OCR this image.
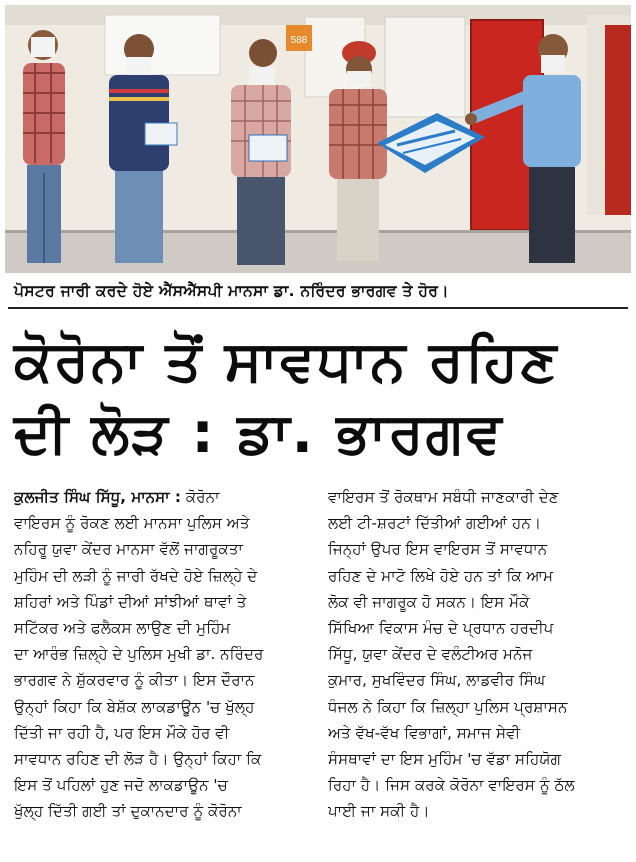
588
ਪੋਸਟਰ ਜਾਰੀ ਕਰਦੇ ਹੋਏ ਐੱਸਐੱਸਪੀ ਮਾਨਸਾ ਡਾ. ਨਰਿੰਦਰ ਭਾਰਗਵ ਤੇ ਹੋਰ।
ਕੋਰੋਨਾ ਤੋਂ ਸਾਵਧਾਨ ਰਹਿਣ
ਦੀ ਲੋੜ : ਡਾ. ਭਾਰਗਵ
ਕੁਲਜੀਤ ਸਿੰਘ ਸਿੱਧੂ, ਮਾਨਸਾ : ਕੋਰੋਨਾ
ਵਾਇਰਸ ਨੂੰ ਰੋਕਣ ਲਈ ਮਾਨਸਾ ਪੁਲਿਸ ਅਤੇ
ਨਹਿਰੂ ਯੁਵਾ ਕੇਂਦਰ ਮਾਨਸਾ ਵੱਲੋਂ ਜਾਗਰੂਕਤਾ
ਮੁਹਿੰਮ ਦੀ ਲੜੀ ਨੂੰ ਜਾਰੀ ਰੱਖਦੇ ਹੋਏ ਜ਼ਿਲ੍ਹੇ ਦੇ
ਸ਼ਹਿਰਾਂ ਅਤੇ ਪਿੰਡਾਂ ਦੀਆਂ ਸਾਂਝੀਆਂ ਥਾਵਾਂ ਤੇ
ਸਟਿੱਕਰ ਅਤੇ ਫਲੈਕਸ ਲਾਉਣ ਦੀ ਮੁਹਿੰਮ
ਦਾ ਆਰੰਭ ਜ਼ਿਲ੍ਹੇ ਦੇ ਪੁਲਿਸ ਮੁਖੀ ਡਾ. ਨਰਿੰਦਰ
ਭਾਰਗਵ ਨੇ ਸ਼ੁੱਕਰਵਾਰ ਨੂੰ ਕੀਤਾ। ਇਸ ਦੌਰਾਨ
ਉਨ੍ਹਾਂ ਕਿਹਾ ਕਿ ਬੇਸ਼ੱਕ ਲਾਕਡਾਊਨ 'ਚ ਖੁੱਲ੍ਹ
ਦਿੱਤੀ ਜਾ ਰਹੀ ਹੈ, ਪਰ ਇਸ ਮੌਕੇ ਹੋਰ ਵੀ
ਸਾਵਧਾਨ ਰਹਿਣ ਦੀ ਲੋੜ ਹੈ। ਉਨ੍ਹਾਂ ਕਿਹਾ ਕਿ
ਇਸ ਤੋਂ ਪਹਿਲਾਂ ਹੁਣ ਜਦੋ ਲਾਕਡਾਊਨ 'ਚ
ਖੁੱਲ੍ਹ ਦਿੱਤੀ ਗਈ ਤਾਂ ਦੁਕਾਨਦਾਰ ਨੂੰ ਕੋਰੋਨਾ
ਵਾਇਰਸ ਤੋਂ ਰੋਕਥਾਮ ਸਬੰਧੀ ਜਾਣਕਾਰੀ ਦੇਣ
ਲਈ ਟੀ-ਸ਼ਰਟਾਂ ਦਿੱਤੀਆਂ ਗਈਆਂ ਹਨ।
ਜਿਨ੍ਹਾਂ ਉਪਰ ਇਸ ਵਾਇਰਸ ਤੋਂ ਸਾਵਧਾਨ
ਰਹਿਣ ਦੇ ਮਾਟੋ ਲਿਖੇ ਹੋਏ ਹਨ ਤਾਂ ਕਿ ਆਮ
ਲੋਕ ਵੀ ਜਾਗਰੂਕ ਹੋ ਸਕਨ। ਇਸ ਮੌਕੇ
ਸਿੱਖਿਆ ਵਿਕਾਸ ਮੰਚ ਦੇ ਪ੍ਰਧਾਨ ਹਰਦੀਪ
ਸਿੱਧੂ, ਯੁਵਾ ਕੇਂਦਰ ਦੇ ਵਲੰਟੀਅਰ ਮਨੋਜ
ਕੁਮਾਰ, ਸੁਖਵਿੰਦਰ ਸਿੰਘ, ਲਾਡਵੀਰ ਸਿੰਘ
ਧੰਜਲ ਨੇ ਕਿਹਾ ਕਿ ਜ਼ਿਲ੍ਹਾ ਪੁਲਿਸ ਪ੍ਰਸ਼ਾਸਨ
ਅਤੇ ਵੱਖ-ਵੱਖ ਵਿਭਾਗਾਂ, ਸਮਾਜ ਸੇਵੀ
ਸੰਸਥਾਵਾਂ ਦਾ ਇਸ ਮੁਹਿੰਮ 'ਚ ਵੱਡਾ ਸਹਿਯੋਗ
ਰਿਹਾ ਹੈ। ਜਿਸ ਕਰਕੇ ਕੋਰੋਨਾ ਵਾਇਰਸ ਨੂੰ ਠੱਲ
ਪਾਈ ਜਾ ਸਕੀ ਹੈ।
